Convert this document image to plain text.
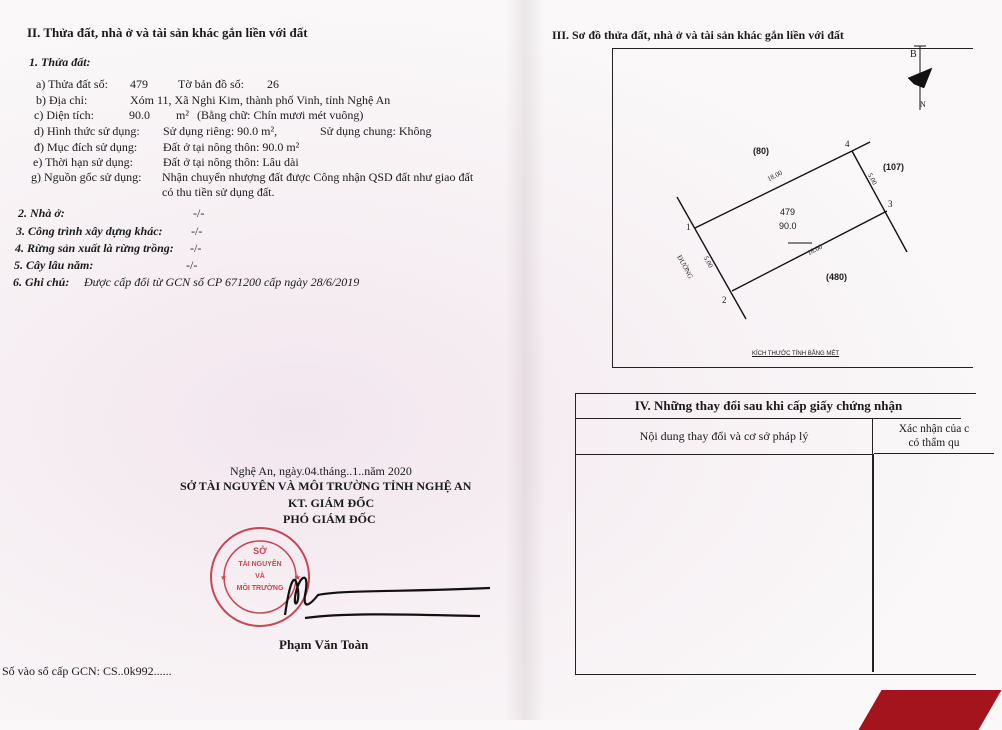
II. Thửa đất, nhà ở và tài sản khác gắn liền với đất
1. Thửa đất:
a) Thửa đất số: 479	Tờ bản đồ số: 26
b) Địa chỉ:	Xóm 11, Xã Nghi Kim, thành phố Vinh, tỉnh Nghệ An
c) Diện tích:	90.0 m² (Bằng chữ: Chín mươi mét vuông)
d) Hình thức sử dụng: Sử dụng riêng: 90.0 m²,	Sử dụng chung: Không
đ) Mục đích sử dụng: Đất ở tại nông thôn: 90.0 m²
e) Thời hạn sử dụng:	Đất ở tại nông thôn: Lâu dài
g) Nguồn gốc sử dụng: Nhận chuyển nhượng đất được Công nhận QSD đất như giao đất
có thu tiền sử dụng đất.
2. Nhà ở:	-/-
3. Công trình xây dựng khác: -/-
4. Rừng sản xuất là rừng trồng: -/-
5. Cây lâu năm:	-/-
6. Ghi chú: Được cấp đổi từ GCN số CP 671200 cấp ngày 28/6/2019
Nghệ An, ngày.04.tháng..1..năm 2020
SỞ TÀI NGUYÊN VÀ MÔI TRƯỜNG TỈNH NGHỆ AN
KT. GIÁM ĐỐC
PHÓ GIÁM ĐỐC
Phạm Văn Toàn
SỞ
TÀI NGUYÊN
VÀ
MÔI TRƯỜNG
★	★
Số vào sổ cấp GCN: CS..0k992......
III. Sơ đồ thửa đất, nhà ở và tài sản khác gắn liền với đất
B
N
(80)
(107)
(480)
479
90.0
1
2
3
4
18.00
18.00
5.00
5.00
ĐƯỜNG
KÍCH THƯỚC TÍNH BẰNG MÉT
IV. Những thay đổi sau khi cấp giấy chứng nhận
Nội dung thay đổi và cơ sở pháp lý	Xác nhận của c
có thẩm qu
